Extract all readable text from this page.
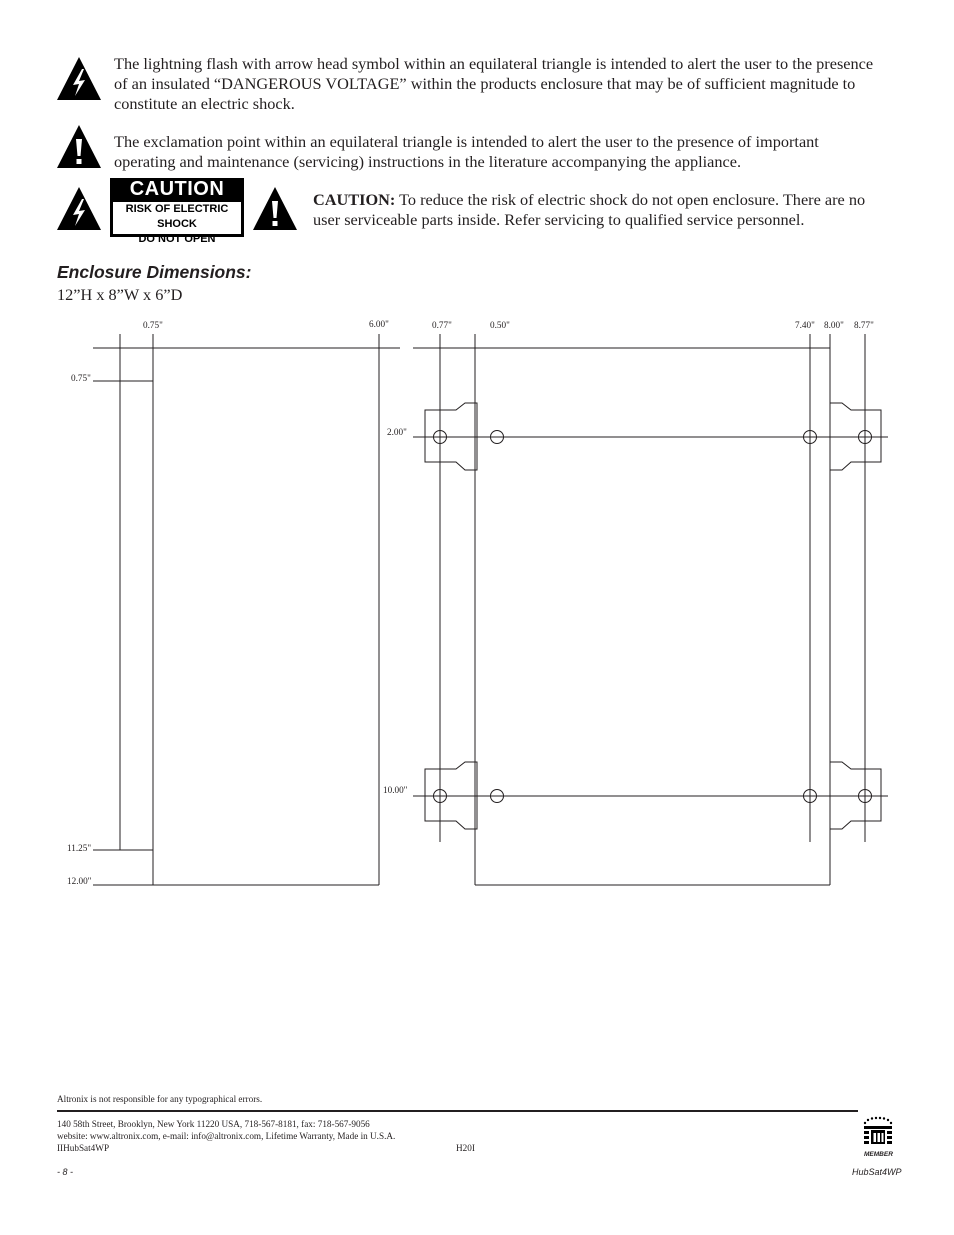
The lightning flash with arrow head symbol within an equilateral triangle is intended to alert the user to the presence of an insulated “DANGEROUS VOLTAGE” within the products enclosure that may be of sufficient magnitude to constitute an electric shock.
The exclamation point within an equilateral triangle is intended to alert the user to the presence of important operating and maintenance (servicing) instructions in the literature accompanying the appliance.
CAUTION
RISK OF ELECTRIC SHOCK
DO NOT OPEN
CAUTION: To reduce the risk of electric shock do not open enclosure. There are no user serviceable parts inside. Refer servicing to qualified service personnel.
Enclosure Dimensions:
12”H x 8”W x 6”D
0.75"	6.00"
0.75"
11.25"
12.00"
0.77"	0.50"	7.40" 8.00" 8.77"
2.00"
10.00"
Altronix is not responsible for any typographical errors.
140 58th Street, Brooklyn, New York 11220 USA, 718-567-8181, fax: 718-567-9056
website: www.altronix.com, e-mail: info@altronix.com, Lifetime Warranty, Made in U.S.A.
IIHubSat4WP	H20I
- 8 -	HubSat4WP
MEMBER
